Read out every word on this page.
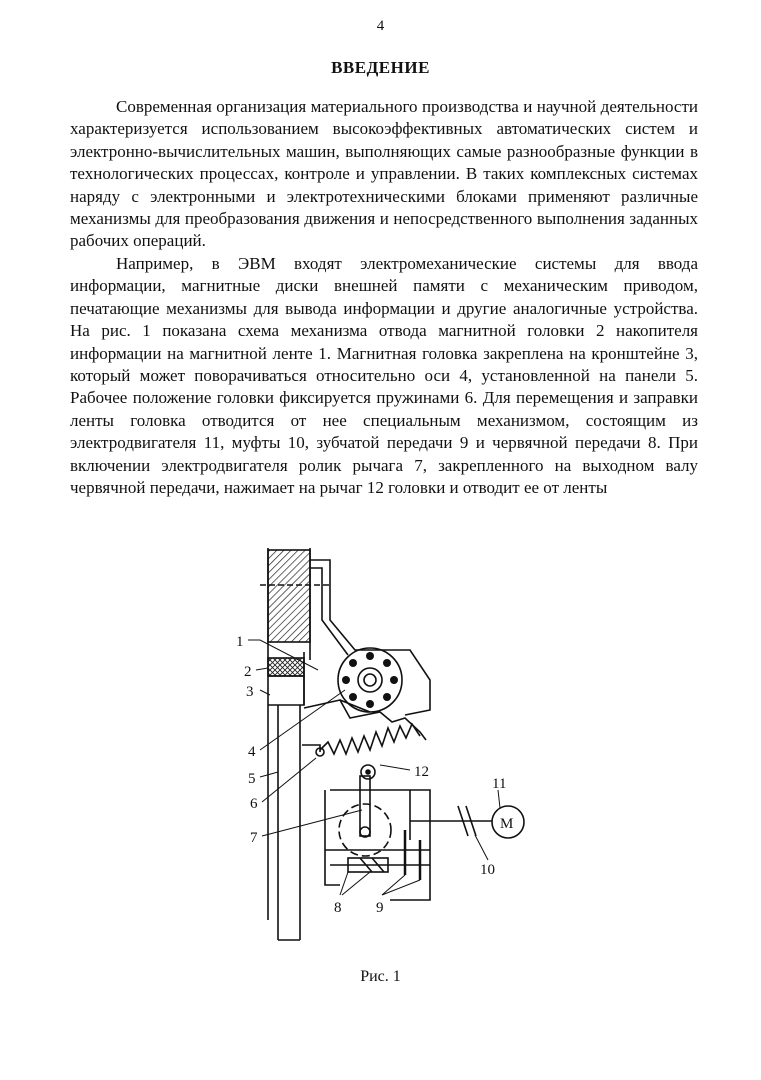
4
ВВЕДЕНИЕ

Современная организация материального производства и научной деятельности характеризуется использованием высокоэффективных автоматических систем и электронно-вычислительных машин, выполняющих самые разнообразные функции в технологических процессах, контроле и управлении. В таких комплексных системах наряду с электронными и электротехническими блоками применяют различные механизмы для преобразования движения и непосредственного выполнения заданных рабочих операций.

Например, в ЭВМ входят электромеханические системы для ввода информации, магнитные диски внешней памяти с механическим приводом, печатающие механизмы для вывода информации и другие аналогичные устройства. На рис. 1 показана схема механизма отвода магнитной головки 2 накопителя информации на магнитной ленте 1. Магнитная головка закреплена на кронштейне 3, который может поворачиваться относительно оси 4, установленной на панели 5. Рабочее положение головки фиксируется пружинами 6. Для перемещения и заправки ленты головка отводится от нее специальным механизмом, состоящим из электродвигателя 11, муфты 10, зубчатой передачи 9 и червячной передачи 8. При включении электродвигателя ролик рычага 7, закрепленного на выходном валу червячной передачи, нажимает на рычаг 12 головки и отводит ее от ленты

1
2
3
4
5
6
7
8 9
10
11
12
M
Рис. 1
